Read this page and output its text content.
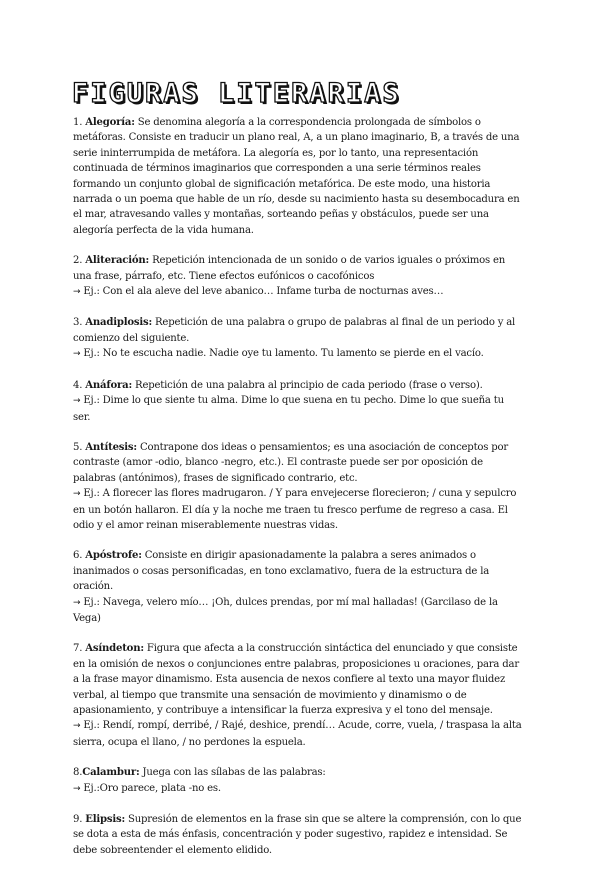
FIGURAS LITERARIAS

1. Alegoría: Se denomina alegoría a la correspondencia prolongada de símbolos o metáforas. Consiste en traducir un plano real, A, a un plano imaginario, B, a través de una serie ininterrumpida de metáfora. La alegoría es, por lo tanto, una representación continuada de términos imaginarios que corresponden a una serie términos reales formando un conjunto global de significación metafórica. De este modo, una historia narrada o un poema que hable de un río, desde su nacimiento hasta su desembocadura en el mar, atravesando valles y montañas, sorteando peñas y obstáculos, puede ser una alegoría perfecta de la vida humana.

2. Aliteración: Repetición intencionada de un sonido o de varios iguales o próximos en una frase, párrafo, etc. Tiene efectos eufónicos o cacofónicos

→ Ej.: Con el ala aleve del leve abanico… Infame turba de nocturnas aves…

3. Anadiplosis: Repetición de una palabra o grupo de palabras al final de un periodo y al comienzo del siguiente.

→ Ej.: No te escucha nadie. Nadie oye tu lamento. Tu lamento se pierde en el vacío.

4. Anáfora: Repetición de una palabra al principio de cada periodo (frase o verso).

→ Ej.: Dime lo que siente tu alma. Dime lo que suena en tu pecho. Dime lo que sueña tu ser.

5. Antítesis: Contrapone dos ideas o pensamientos; es una asociación de conceptos por contraste (amor -odio, blanco -negro, etc.). El contraste puede ser por oposición de palabras (antónimos), frases de significado contrario, etc.

→ Ej.: A florecer las flores madrugaron. / Y para envejecerse florecieron; / cuna y sepulcro en un botón hallaron. El día y la noche me traen tu fresco perfume de regreso a casa. El odio y el amor reinan miserablemente nuestras vidas.

6. Apóstrofe: Consiste en dirigir apasionadamente la palabra a seres animados o inanimados o cosas personificadas, en tono exclamativo, fuera de la estructura de la oración.

→ Ej.: Navega, velero mío… ¡Oh, dulces prendas, por mí mal halladas! (Garcilaso de la Vega)

7. Asíndeton: Figura que afecta a la construcción sintáctica del enunciado y que consiste en la omisión de nexos o conjunciones entre palabras, proposiciones u oraciones, para dar a la frase mayor dinamismo. Esta ausencia de nexos confiere al texto una mayor fluidez verbal, al tiempo que transmite una sensación de movimiento y dinamismo o de apasionamiento, y contribuye a intensificar la fuerza expresiva y el tono del mensaje.

→ Ej.: Rendí, rompí, derribé, / Rajé, deshice, prendí… Acude, corre, vuela, / traspasa la alta sierra, ocupa el llano, / no perdones la espuela.

8.Calambur: Juega con las sílabas de las palabras:

→ Ej.:Oro parece, plata -no es.

9. Elipsis: Supresión de elementos en la frase sin que se altere la comprensión, con lo que se dota a esta de más énfasis, concentración y poder sugestivo, rapidez e intensidad. Se debe sobreentender el elemento elidido.
